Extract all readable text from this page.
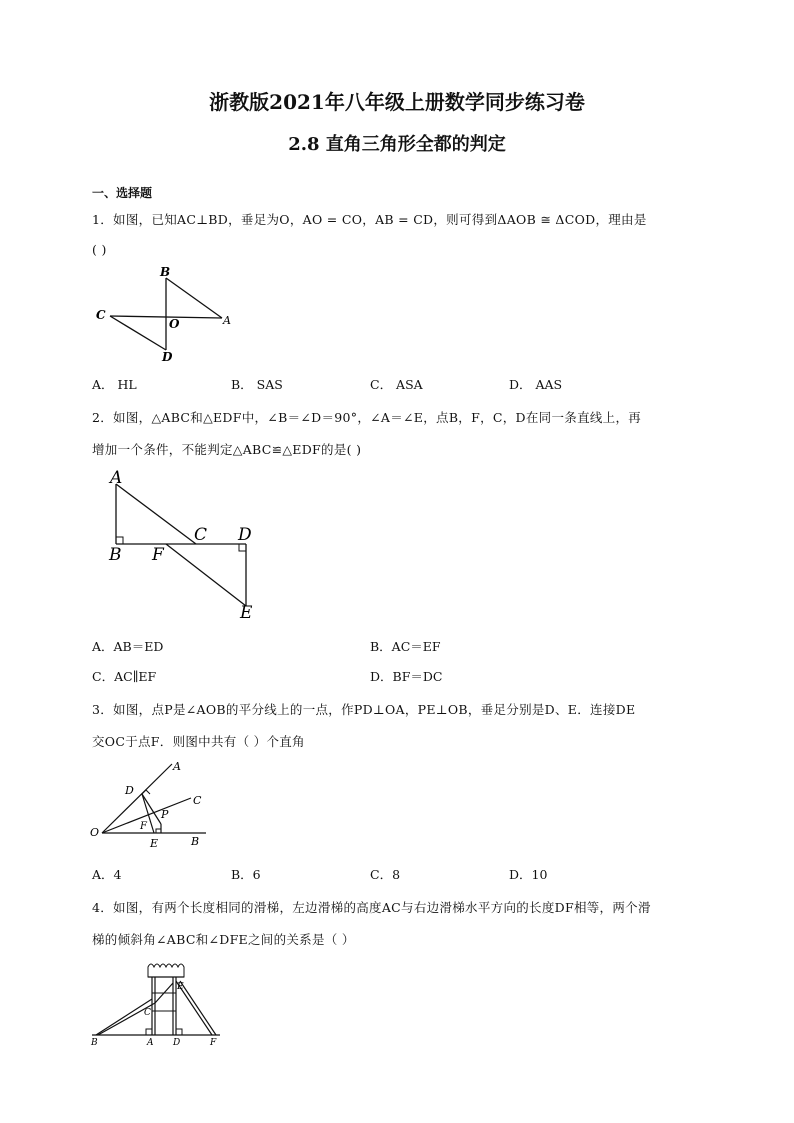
浙教版2021年八年级上册数学同步练习卷
2.8 直角三角形全都的判定
一、选择题
1．如图，已知AC⊥BD，垂足为O，AO = CO，AB = CD，则可得到ΔAOB ≅ ΔCOD，理由是
( )
B
C
O	A
D
A． HL	B． SAS	C． ASA	D． AAS
2．如图，△ABC和△EDF中，∠B＝∠D＝90°，∠A＝∠E，点B，F，C，D在同一条直线上，再
增加一个条件，不能判定△ABC≌△EDF的是( )
A
C D
B F
E
A．AB＝ED	B．AC＝EF
C．AC∥EF	D．BF＝DC
3．如图，点P是∠AOB的平分线上的一点，作PD⊥OA，PE⊥OB，垂足分别是D、E．连接DE
交OC于点F．则图中共有（ ）个直角
A
D
C
O	F
P
E	B
A．4	B．6	C．8	D．10
4．如图，有两个长度相同的滑梯，左边滑梯的高度AC与右边滑梯水平方向的长度DF相等，两个滑
梯的倾斜角∠ABC和∠DFE之间的关系是（ ）
E
C
B	A D	F
